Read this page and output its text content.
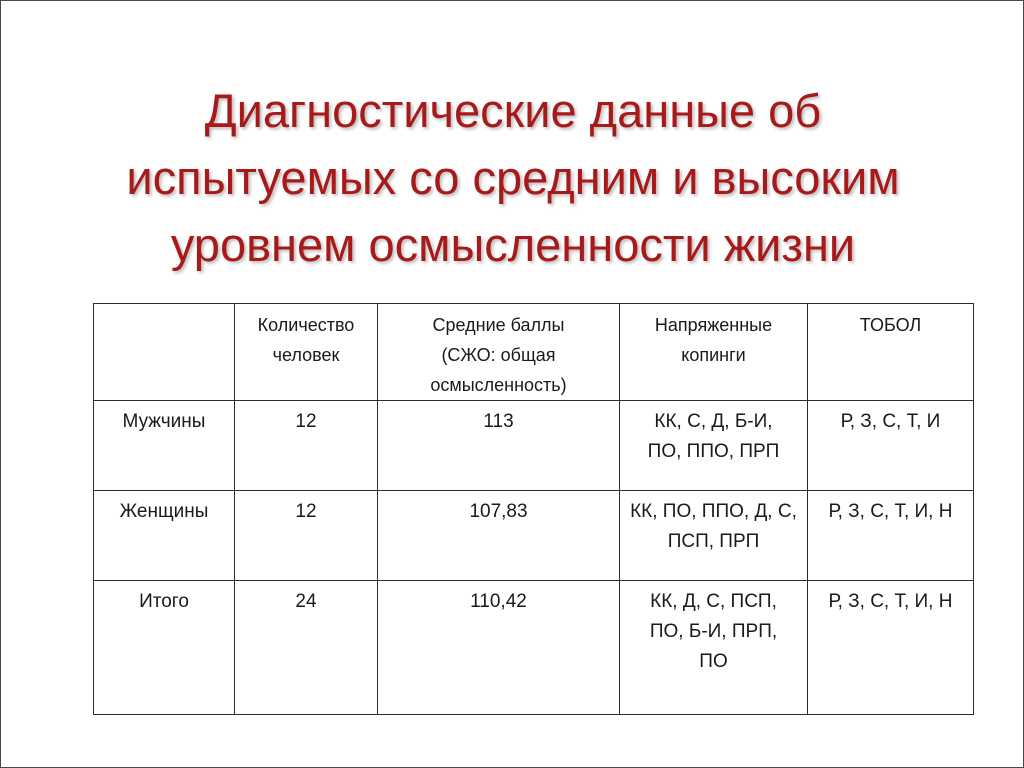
Диагностические данные об
испытуемых со средним и высоким
уровнем осмысленности жизни
	Количество человек	Средние баллы (СЖО: общая осмысленность)	Напряженные копинги	ТОБОЛ
Мужчины	12	113	КК, С, Д, Б-И, ПО, ППО, ПРП	Р, З, С, Т, И
Женщины	12	107,83	КК, ПО, ППО, Д, С, ПСП, ПРП	Р, З, С, Т, И, Н
Итого	24	110,42	КК, Д, С, ПСП, ПО, Б-И, ПРП, ПО	Р, З, С, Т, И, Н
